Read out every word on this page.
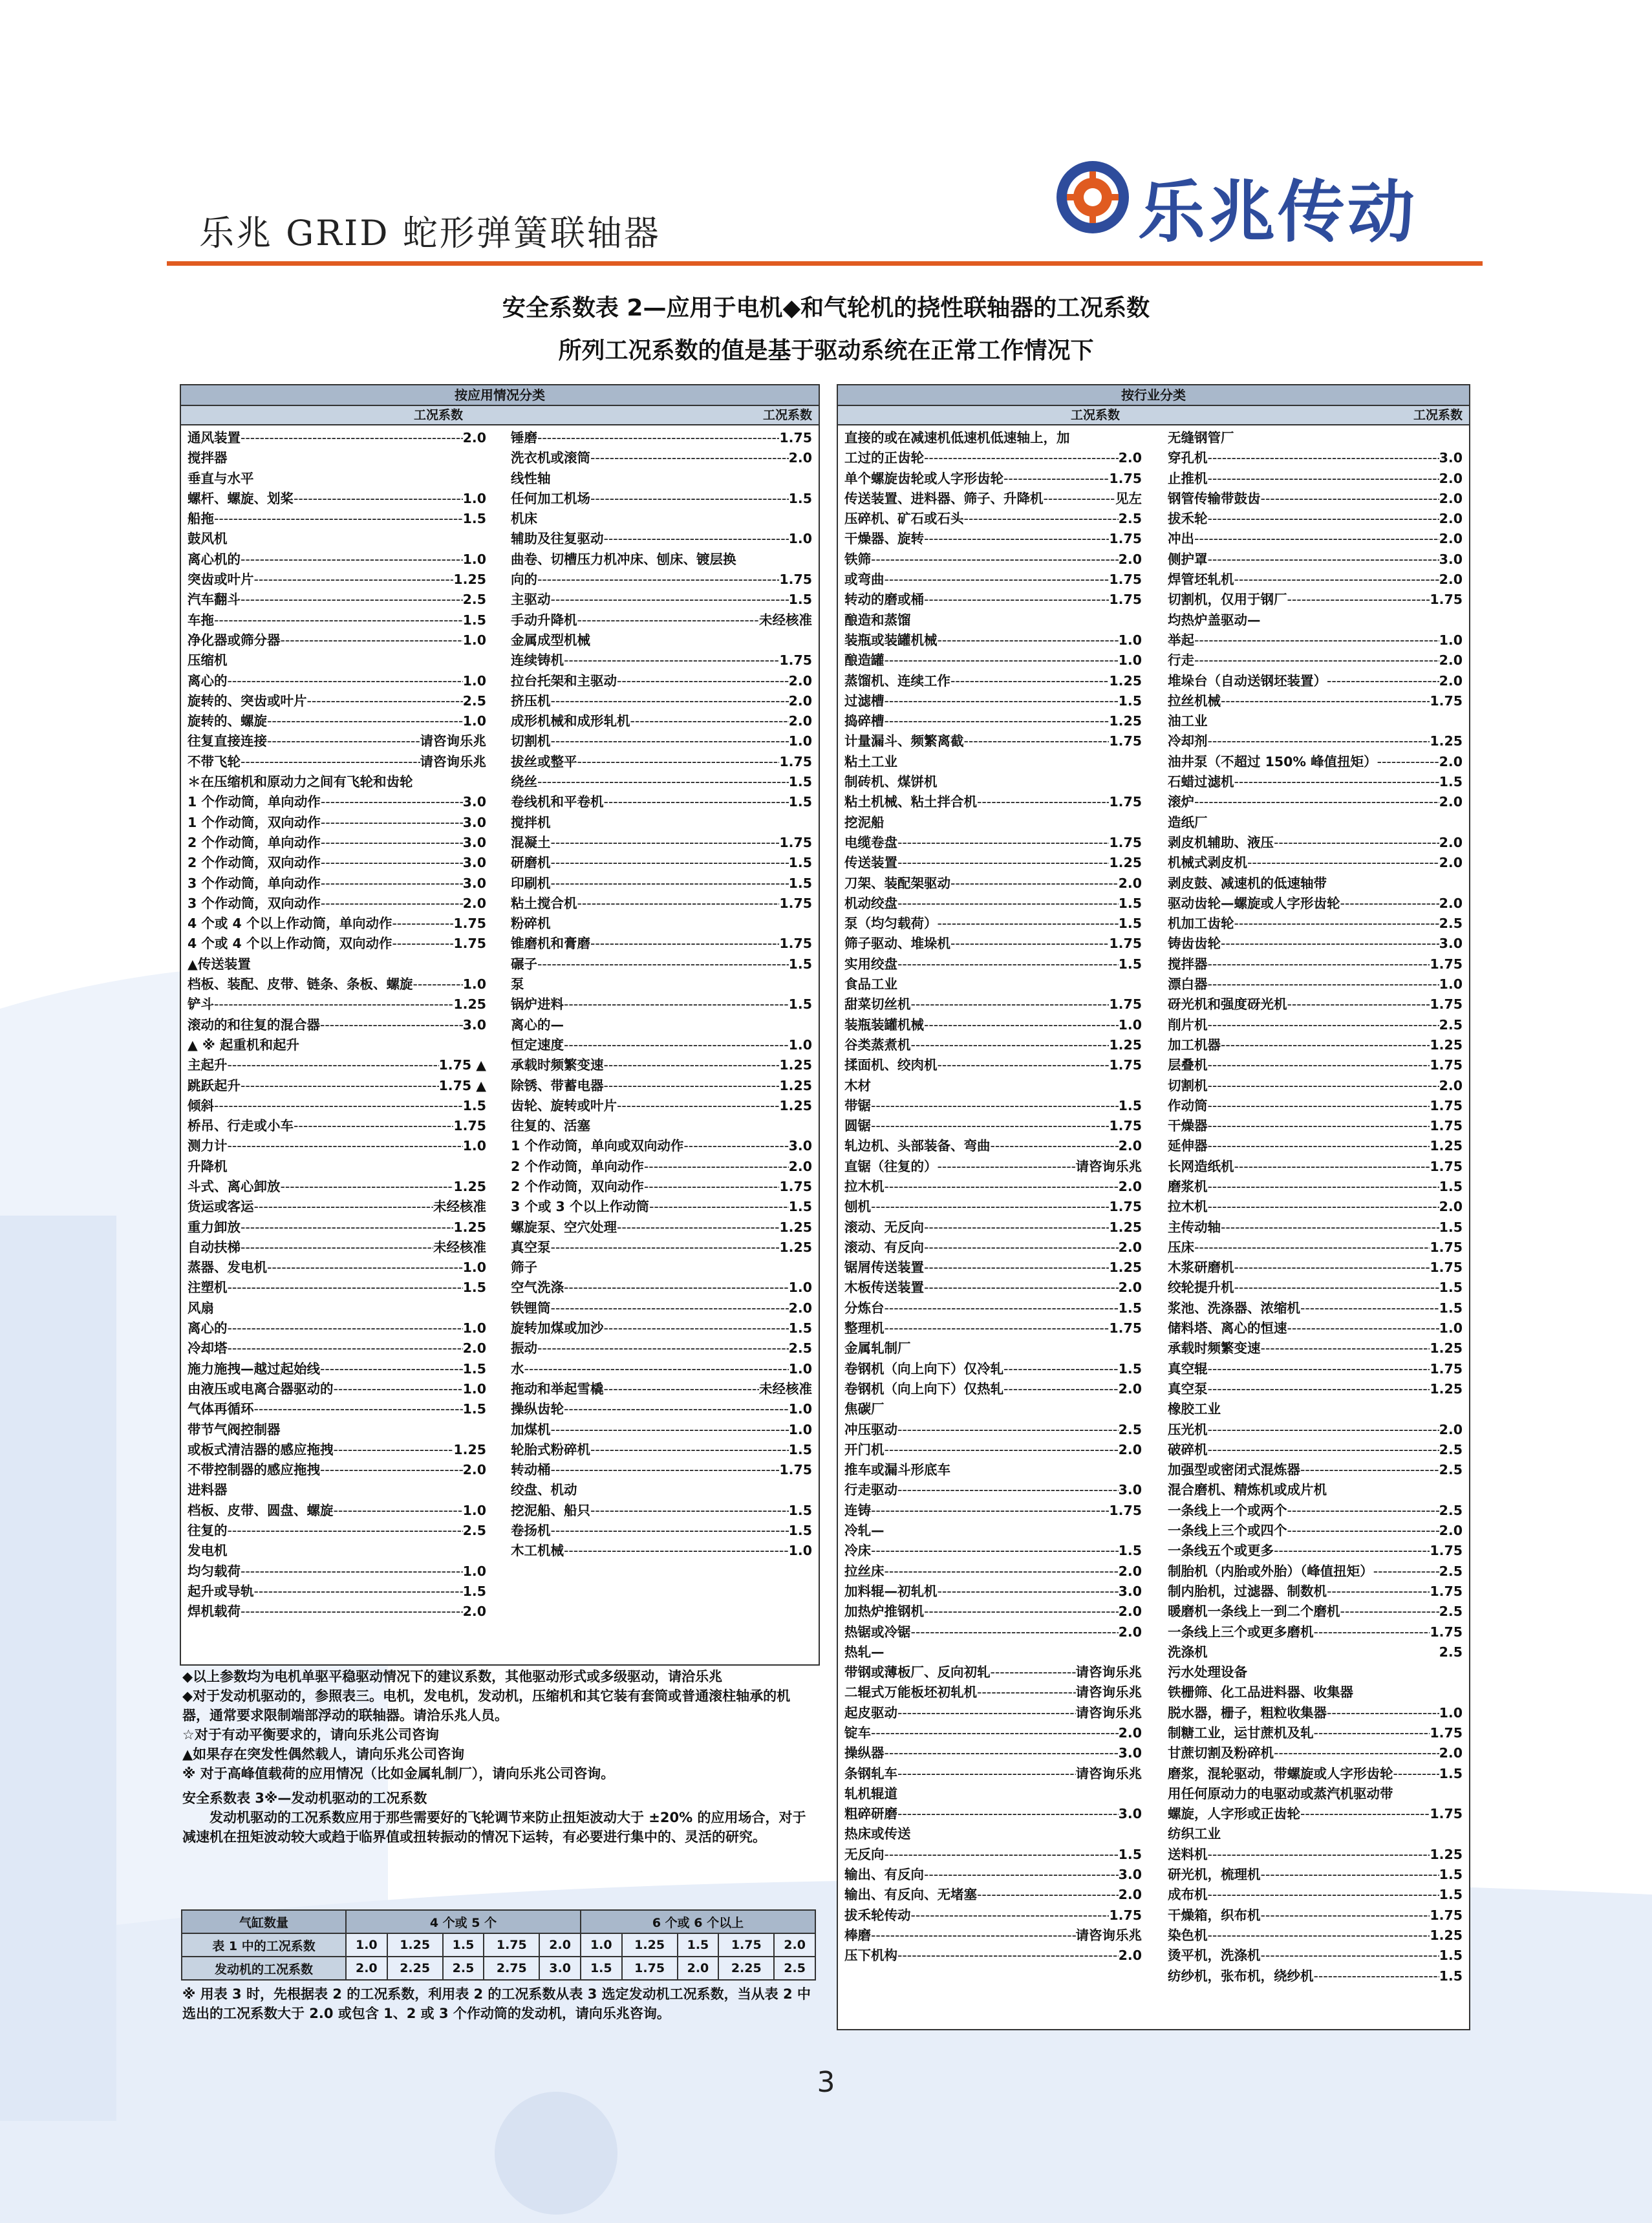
乐兆 GRID 蛇形弹簧联轴器	乐兆传动
安全系数表 2—应用于电机◆和气轮机的挠性联轴器的工况系数
所列工况系数的值是基于驱动系统在正常工作情况下
按应用情况分类
工况系数	工况系数
通风装置 -----	2.0
搅拌器
垂直与水平
螺杆、螺旋、划桨 -----	1.0
船拖 -----	1.5
鼓风机
离心机的 -----	1.0
突齿或叶片 -----	1.25
汽车翻斗 -----	2.5
车拖 -----	1.5
净化器或筛分器 -----	1.0
压缩机
离心的 -----	1.0
旋转的、突齿或叶片 -----	2.5
旋转的、螺旋 -----	1.0
往复直接连接 -----	请咨询乐兆
不带飞轮 -----	请咨询乐兆
＊在压缩机和原动力之间有飞轮和齿轮
1 个作动筒，单向动作 -----	3.0
1 个作动筒，双向动作 -----	3.0
2 个作动筒，单向动作 -----	3.0
2 个作动筒，双向动作 -----	3.0
3 个作动筒，单向动作 -----	3.0
3 个作动筒，双向动作 -----	2.0
4 个或 4 个以上作动筒，单向动作 -----	1.75
4 个或 4 个以上作动筒，双向动作 -----	1.75
▲传送装置
档板、装配、皮带、链条、条板、螺旋 -----	1.0
铲斗 -----	1.25
滚动的和往复的混合器 -----	3.0
▲ ※ 起重机和起升
主起升 -----	1.75 ▲
跳跃起升 -----	1.75 ▲
倾斜 -----	1.5
桥吊、行走或小车 -----	1.75
测力计 -----	1.0
升降机
斗式、离心卸放 -----	1.25
货运或客运 -----	未经核准
重力卸放 -----	1.25
自动扶梯 -----	未经核准
蒸器、发电机 -----	1.0
注塑机 -----	1.5
风扇
离心的 -----	1.0
冷却塔 -----	2.0
施力施拽—越过起始线 -----	1.5
由液压或电离合器驱动的 -----	1.0
气体再循环 -----	1.5
带节气阀控制器
或板式清洁器的感应拖拽 -----	1.25
不带控制器的感应拖拽 -----	2.0
进料器
档板、皮带、圆盘、螺旋 -----	1.0
往复的 -----	2.5
发电机
均匀载荷 -----	1.0
起升或导轨 -----	1.5
焊机载荷 -----	2.0
锤磨 -----	1.75
洗衣机或滚筒 -----	2.0
线性轴
任何加工机场 -----	1.5
机床
辅助及往复驱动 -----	1.0
曲卷、切槽压力机冲床、刨床、镀层换
向的 -----	1.75
主驱动 -----	1.5
手动升降机 -----	未经核准
金属成型机械
连续铸机 -----	1.75
拉台托架和主驱动 -----	2.0
挤压机 -----	2.0
成形机械和成形轧机 -----	2.0
切割机 -----	1.0
拔丝或整平 -----	1.75
绕丝 -----	1.5
卷线机和平卷机 -----	1.5
搅拌机
混凝土 -----	1.75
研磨机 -----	1.5
印刷机 -----	1.5
粘土搅合机 -----	1.75
粉碎机
锥磨机和膏磨 -----	1.75
碾子 -----	1.5
泵
锅炉进料 -----	1.5
离心的—
恒定速度 -----	1.0
承载时频繁变速 -----	1.25
除锈、带蓄电器 -----	1.25
齿轮、旋转或叶片 -----	1.25
往复的、活塞
1 个作动筒，单向或双向动作 -----	3.0
2 个作动筒，单向动作 -----	2.0
2 个作动筒，双向动作 -----	1.75
3 个或 3 个以上作动筒 -----	1.5
螺旋泵、空穴处理 -----	1.25
真空泵 -----	1.25
筛子
空气洗涤 -----	1.0
铁锂筒 -----	2.0
旋转加煤或加沙 -----	1.5
振动 -----	2.5
水 -----	1.0
拖动和举起雪橇 -----	未经核准
操纵齿轮 -----	1.0
加煤机 -----	1.0
轮胎式粉碎机 -----	1.5
转动桶 -----	1.75
绞盘、机动
挖泥船、船只 -----	1.5
卷扬机 -----	1.5
木工机械 -----	1.0
按行业分类
工况系数	工况系数
直接的或在减速机低速机低速轴上，加
工过的正齿轮 -----	2.0
单个螺旋齿轮或人字形齿轮 -----	1.75
传送装置、进料器、筛子、升降机 -----	见左
压碎机、矿石或石头 -----	2.5
干燥器、旋转 -----	1.75
铁筛 -----	2.0
或弯曲 -----	1.75
转动的磨或桶 -----	1.75
酿造和蒸馏
装瓶或装罐机械 -----	1.0
酿造罐 -----	1.0
蒸馏机、连续工作 -----	1.25
过滤槽 -----	1.5
捣碎槽 -----	1.25
计量漏斗、频繁离截 -----	1.75
粘土工业
制砖机、煤饼机
粘土机械、粘土拌合机 -----	1.75
挖泥船
电缆卷盘 -----	1.75
传送装置 -----	1.25
刀架、装配架驱动 -----	2.0
机动绞盘 -----	1.5
泵（均匀载荷） -----	1.5
筛子驱动、堆垛机 -----	1.75
实用绞盘 -----	1.5
食品工业
甜菜切丝机 -----	1.75
装瓶装罐机械 -----	1.0
谷类蒸煮机 -----	1.25
揉面机、绞肉机 -----	1.75
木材
带锯 -----	1.5
圆锯 -----	1.75
轧边机、头部装备、弯曲 -----	2.0
直锯（往复的） -----	请咨询乐兆
拉木机 -----	2.0
刨机 -----	1.75
滚动、无反向 -----	1.25
滚动、有反向 -----	2.0
锯屑传送装置 -----	1.25
木板传送装置 -----	2.0
分炼台 -----	1.5
整理机 -----	1.75
金属轧制厂
卷钢机（向上向下）仅冷轧 -----	1.5
卷钢机（向上向下）仅热轧 -----	2.0
焦碳厂
冲压驱动 -----	2.5
开门机 -----	2.0
推车或漏斗形底车
行走驱动 -----	3.0
连铸 -----	1.75
冷轧—
冷床 -----	1.5
拉丝床 -----	2.0
加料辊—初轧机 -----	3.0
加热炉推钢机 -----	2.0
热锯或冷锯 -----	2.0
热轧—
带钢或薄板厂、反向初轧 -----	请咨询乐兆
二辊式万能板坯初轧机 -----	请咨询乐兆
起皮驱动 -----	请咨询乐兆
锭车 -----	2.0
操纵器 -----	3.0
条钢轧车 -----	请咨询乐兆
轧机辊道
粗碎研磨 -----	3.0
热床或传送
无反向 -----	1.5
输出、有反向 -----	3.0
输出、有反向、无堵塞 -----	2.0
拔禾轮传动 -----	1.75
棒磨 -----	请咨询乐兆
压下机构 -----	2.0
无缝钢管厂
穿孔机 -----	3.0
止推机 -----	2.0
钢管传输带鼓齿 -----	2.0
拔禾轮 -----	2.0
冲出 -----	2.0
侧护罩 -----	3.0
焊管坯轧机 -----	2.0
切割机，仅用于钢厂 -----	1.75
均热炉盖驱动—
举起 -----	1.0
行走 -----	2.0
堆垛台（自动送钢坯装置） -----	2.0
拉丝机械 -----	1.75
油工业
冷却剂 -----	1.25
油井泵（不超过 150% 峰值扭矩） -----	2.0
石蜡过滤机 -----	1.5
滚炉 -----	2.0
造纸厂
剥皮机辅助、液压 -----	2.0
机械式剥皮机 -----	2.0
剥皮鼓、减速机的低速轴带
驱动齿轮—螺旋或人字形齿轮 -----	2.0
机加工齿轮 -----	2.5
铸齿齿轮 -----	3.0
搅拌器 -----	1.75
漂白器 -----	1.0
砑光机和强度砑光机 -----	1.75
削片机 -----	2.5
加工机器 -----	1.25
层叠机 -----	1.75
切割机 -----	2.0
作动筒 -----	1.75
干燥器 -----	1.75
延伸器 -----	1.25
长网造纸机 -----	1.75
磨浆机 -----	1.5
拉木机 -----	2.0
主传动轴 -----	1.5
压床 -----	1.75
木浆研磨机 -----	1.75
绞轮提升机 -----	1.5
浆池、洗涤器、浓缩机 -----	1.5
储料塔、离心的恒速 -----	1.0
承载时频繁变速 -----	1.25
真空辊 -----	1.75
真空泵 -----	1.25
橡胶工业
压光机 -----	2.0
破碎机 -----	2.5
加强型或密闭式混炼器 -----	2.5
混合磨机、精炼机或成片机
一条线上一个或两个 -----	2.5
一条线上三个或四个 -----	2.0
一条线五个或更多 -----	1.75
制胎机（内胎或外胎）（峰值扭矩） -----	2.5
制内胎机，过滤器、制数机 -----	1.75
暖磨机一条线上一到二个磨机 -----	2.5
一条线上三个或更多磨机 -----	1.75
洗涤机	2.5
污水处理设备
铁栅筛、化工品进料器、收集器
脱水器，栅子，粗粒收集器 -----	1.0
制糖工业，运甘蔗机及轧 -----	1.75
甘蔗切割及粉碎机 -----	2.0
磨浆，混轮驱动，带螺旋或人字形齿轮 -----	1.5
用任何原动力的电驱动或蒸汽机驱动带
螺旋，人字形或正齿轮 -----	1.75
纺织工业
送料机 -----	1.25
研光机，梳理机 -----	1.5
成布机 -----	1.5
干燥箱，织布机 -----	1.75
染色机 -----	1.25
烫平机，洗涤机 -----	1.5
纺纱机，张布机，绕纱机 -----	1.5

◆以上参数均为电机单驱平稳驱动情况下的建议系数，其他驱动形式或多级驱动，请洽乐兆

◆对于发动机驱动的，参照表三。电机，发电机，发动机，压缩机和其它装有套筒或普通滚柱轴承的机器，通常要求限制端部浮动的联轴器。请洽乐兆人员。

☆对于有动平衡要求的，请向乐兆公司咨询

▲如果存在突发性偶然载人，请向乐兆公司咨询

※ 对于高峰值载荷的应用情况（比如金属轧制厂），请向乐兆公司咨询。

安全系数表 3※—发动机驱动的工况系数

发动机驱动的工况系数应用于那些需要好的飞轮调节来防止扭矩波动大于 ±20% 的应用场合，对于减速机在扭矩波动较大或趋于临界值或扭转振动的情况下运转，有必要进行集中的、灵活的研究。

气缸数量	4 个或 5 个					6 个或 6 个以上				
表 1 中的工况系数	1.0	1.25	1.5	1.75	2.0	1.0	1.25	1.5	1.75	2.0
发动机的工况系数	2.0	2.25	2.5	2.75	3.0	1.5	1.75	2.0	2.25	2.5
※ 用表 3 时，先根据表 2 的工况系数，利用表 2 的工况系数从表 3 选定发动机工况系数，当从表 2 中选出的工况系数大于 2.0 或包含 1、2 或 3 个作动筒的发动机，请向乐兆咨询。
3
